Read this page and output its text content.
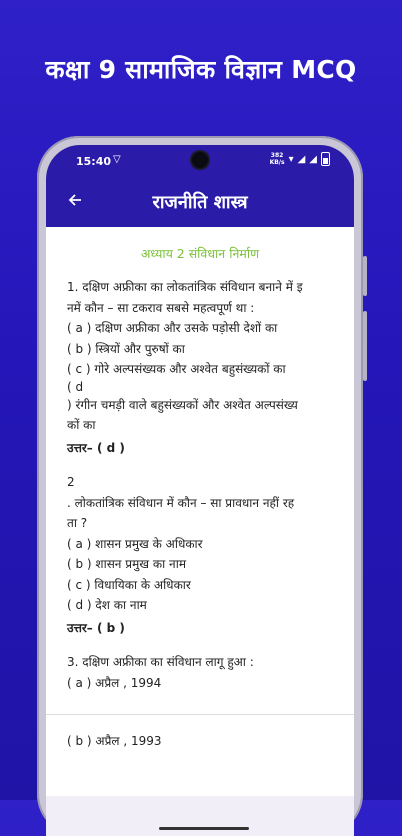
कक्षा 9 सामाजिक विज्ञान MCQ
15:40 ▽	382
KB/s ▾ ◢ ◢
राजनीति शास्त्र
अध्याय 2 संविधान निर्माण

1. दक्षिण अफ्रीका का लोकतांत्रिक संविधान बनाने में इ

नमें कौन – सा टकराव सबसे महत्वपूर्ण था :

( a ) दक्षिण अफ्रीका और उसके पड़ोसी देशों का

( b ) स्त्रियों और पुरुषों का

( c ) गोरे अल्पसंख्यक और अश्वेत बहुसंख्यकों का

( d

) रंगीन चमड़ी वाले बहुसंख्यकों और अश्वेत अल्पसंख्य

कों का

उत्तर– ( d )

2

. लोकतांत्रिक संविधान में कौन – सा प्रावधान नहीं रह

ता ?

( a ) शासन प्रमुख के अधिकार

( b ) शासन प्रमुख का नाम

( c ) विधायिका के अधिकार

( d ) देश का नाम

उत्तर– ( b )

3. दक्षिण अफ्रीका का संविधान लागू हुआ :

( a ) अप्रैल , 1994

( b ) अप्रैल , 1993
